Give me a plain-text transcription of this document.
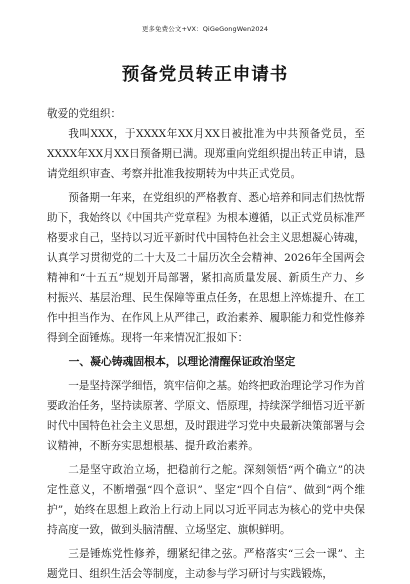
更多免费公文+VX：QiGeGongWen2024
预备党员转正申请书

敬爱的党组织：

我叫XXX，于XXXX年XX月XX日被批准为中共预备党员，至XXXX年XX月XX日预备期已满。现郑重向党组织提出转正申请，恳请党组织审查、考察并批准我按期转为中共正式党员。

预备期一年来，在党组织的严格教育、悉心培养和同志们热忱帮助下，我始终以《中国共产党章程》为根本遵循，以正式党员标准严格要求自己，坚持以习近平新时代中国特色社会主义思想凝心铸魂，认真学习贯彻党的二十大及二十届历次全会精神、2026年全国两会精神和“十五五”规划开局部署，紧扣高质量发展、新质生产力、乡村振兴、基层治理、民生保障等重点任务，在思想上淬炼提升、在工作中担当作为、在作风上从严律己，政治素养、履职能力和党性修养得到全面锤炼。现将一年来情况汇报如下：

一、凝心铸魂固根本，以理论清醒保证政治坚定

一是坚持深学细悟，筑牢信仰之基。始终把政治理论学习作为首要政治任务，坚持读原著、学原文、悟原理，持续深学细悟习近平新时代中国特色社会主义思想，及时跟进学习党中央最新决策部署与会议精神，不断夯实思想根基、提升政治素养。

二是坚守政治立场，把稳前行之舵。深刻领悟“两个确立”的决定性意义，不断增强“四个意识”、坚定“四个自信”、做到“两个维护”，始终在思想上政治上行动上同以习近平同志为核心的党中央保持高度一致，做到头脑清醒、立场坚定、旗帜鲜明。

三是锤炼党性修养，绷紧纪律之弦。严格落实“三会一课”、主题党日、组织生活会等制度，主动参与学习研讨与实践锻炼，
